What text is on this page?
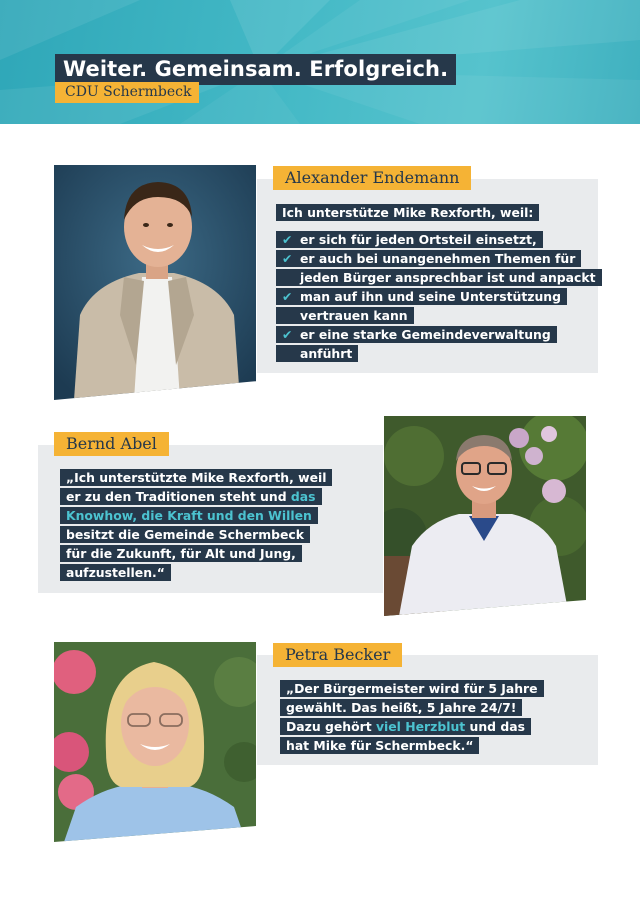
Weiter. Gemeinsam. Erfolgreich.
CDU Schermbeck
Alexander Endemann
Ich unterstütze Mike Rexforth, weil:
✔ er sich für jeden Ortsteil einsetzt,
✔ er auch bei unangenehmen Themen für
jeden Bürger ansprechbar ist und anpackt
✔ man auf ihn und seine Unterstützung
vertrauen kann
✔ er eine starke Gemeindeverwaltung
anführt
Bernd Abel
„Ich unterstützte Mike Rexforth, weil
er zu den Traditionen steht und das
Knowhow, die Kraft und den Willen
besitzt die Gemeinde Schermbeck
für die Zukunft, für Alt und Jung,
aufzustellen.“
Petra Becker
„Der Bürgermeister wird für 5 Jahre
gewählt. Das heißt, 5 Jahre 24/7!
Dazu gehört viel Herzblut und das
hat Mike für Schermbeck.“
